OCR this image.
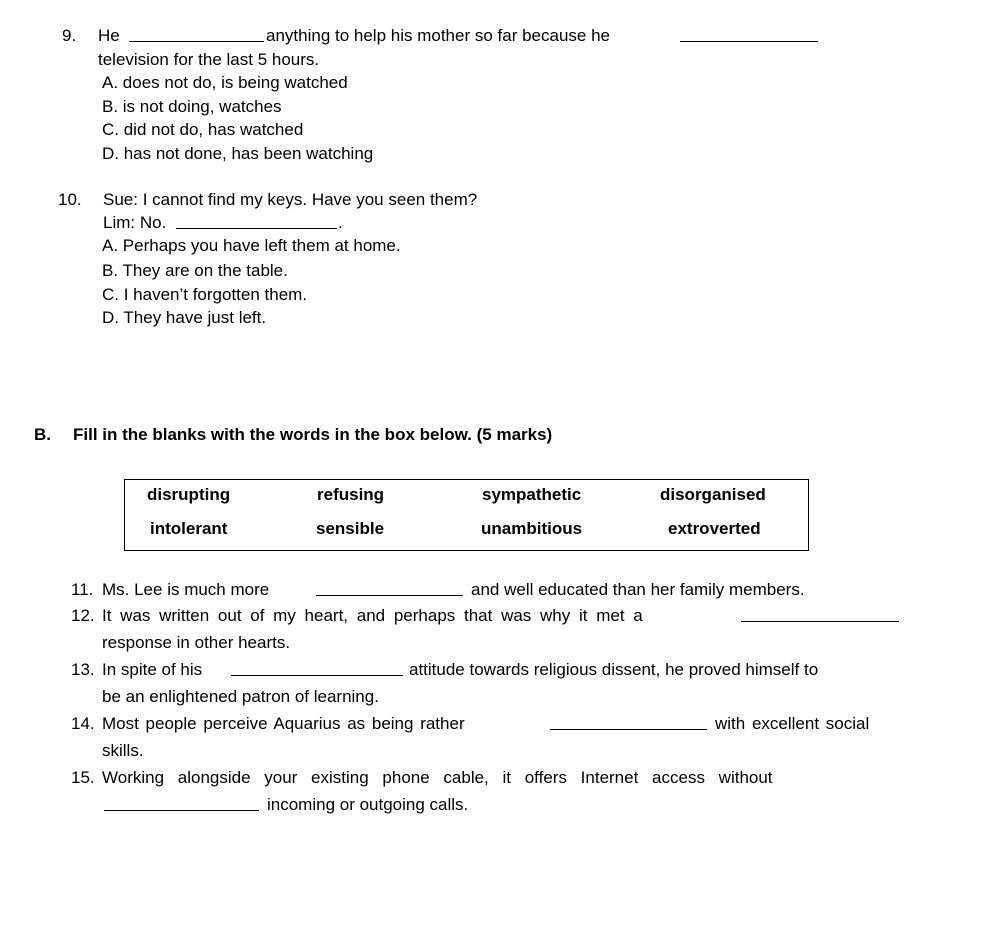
9. He	anything to help his mother so far because he
television for the last 5 hours.
A. does not do, is being watched
B. is not doing, watches
C. did not do, has watched
D. has not done, has been watching
10. Sue: I cannot find my keys. Have you seen them?
Lim: No.	.
A. Perhaps you have left them at home.
B. They are on the table.
C. I haven’t forgotten them.
D. They have just left.
B. Fill in the blanks with the words in the box below. (5 marks)
disrupting	refusing	sympathetic	disorganised
intolerant	sensible	unambitious	extroverted
11. Ms. Lee is much more	and well educated than her family members.
12. It was written out of my heart, and perhaps that was why it met a
response in other hearts.
13. In spite of his	attitude towards religious dissent, he proved himself to
be an enlightened patron of learning.
14. Most people perceive Aquarius as being rather	with excellent social
skills.
15. Working alongside your existing phone cable, it offers Internet access without
incoming or outgoing calls.
